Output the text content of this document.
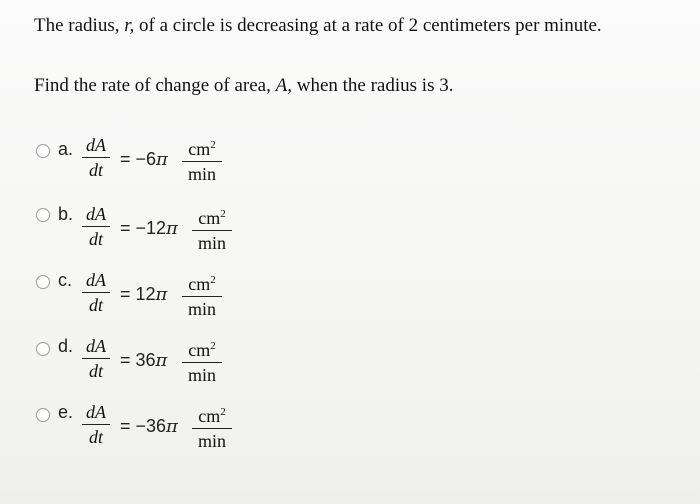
The radius, r, of a circle is decreasing at a rate of 2 centimeters per minute.
Find the rate of change of area, A, when the radius is 3.
a. dA
dt
= −6π	$cm^2$
min
b. dA
dt
= −12π	$cm^2$
min
c. dA
dt
= 12π	$cm^2$
min
d. dA
dt
= 36π	$cm^2$
min
e. dA
dt
= −36π	$cm^2$
min
